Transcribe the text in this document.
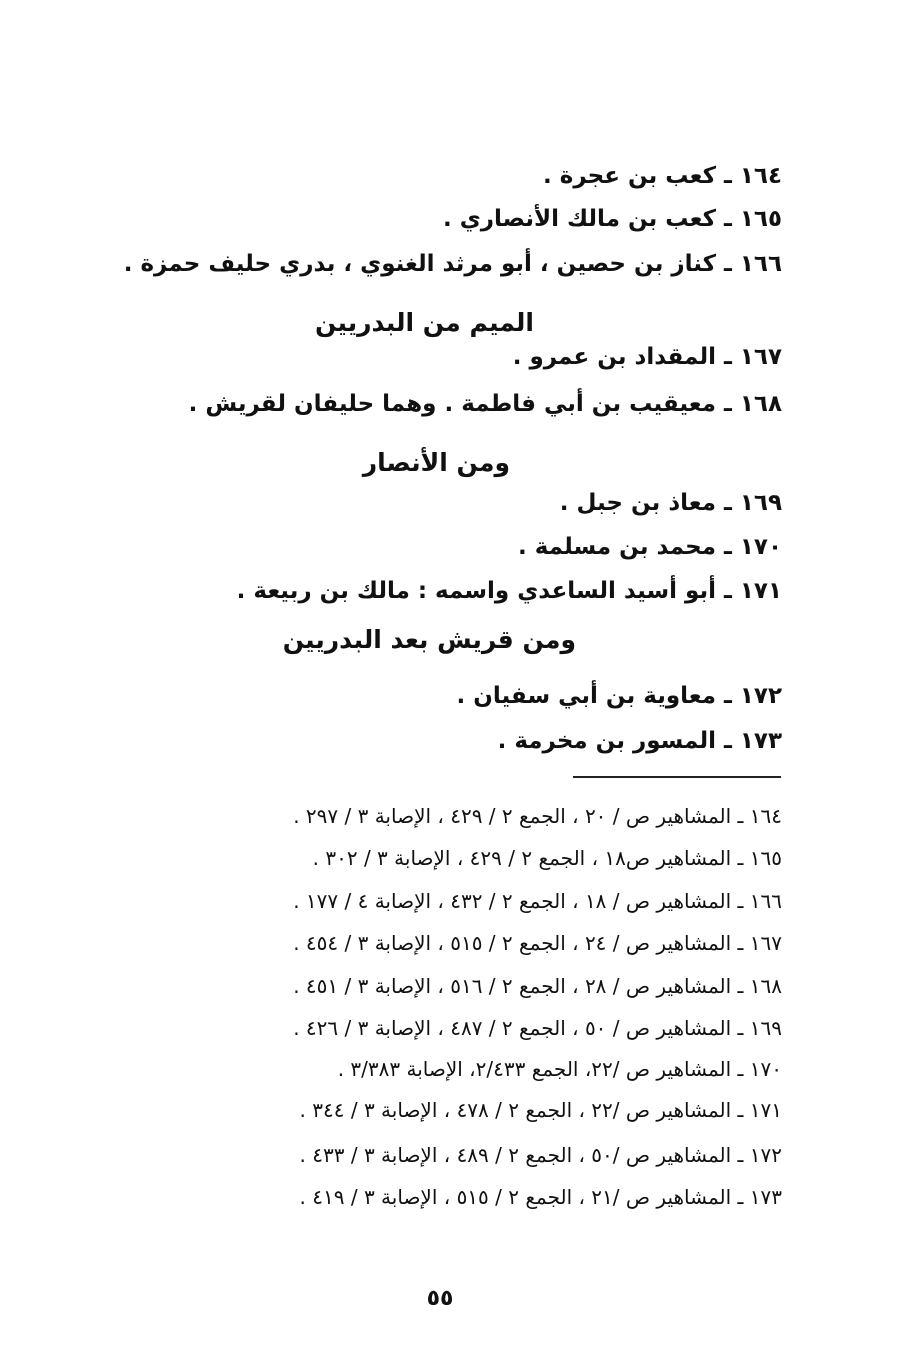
١٦٤ ـ كعب بن عجرة .
١٦٥ ـ كعب بن مالك الأنصاري .
١٦٦ ـ كناز بن حصين ، أبو مرثد الغنوي ، بدري حليف حمزة .
الميم من البدريين
١٦٧ ـ المقداد بن عمرو .
١٦٨ ـ معيقيب بن أبي فاطمة . وهما حليفان لقريش .
ومن الأنصار
١٦٩ ـ معاذ بن جبل .
١٧٠ ـ محمد بن مسلمة .
١٧١ ـ أبو أسيد الساعدي واسمه : مالك بن ربيعة .
ومن قريش بعد البدريين
١٧٢ ـ معاوية بن أبي سفيان .
١٧٣ ـ المسور بن مخرمة .
١٦٤ ـ المشاهير ص / ٢٠ ، الجمع ٢ / ٤٢٩ ، الإصابة ٣ / ٢٩٧ .
١٦٥ ـ المشاهير ص١٨ ، الجمع ٢ / ٤٢٩ ، الإصابة ٣ / ٣٠٢ .
١٦٦ ـ المشاهير ص / ١٨ ، الجمع ٢ / ٤٣٢ ، الإصابة ٤ / ١٧٧ .
١٦٧ ـ المشاهير ص / ٢٤ ، الجمع ٢ / ٥١٥ ، الإصابة ٣ / ٤٥٤ .
١٦٨ ـ المشاهير ص / ٢٨ ، الجمع ٢ / ٥١٦ ، الإصابة ٣ / ٤٥١ .
١٦٩ ـ المشاهير ص / ٥٠ ، الجمع ٢ / ٤٨٧ ، الإصابة ٣ / ٤٢٦ .
١٧٠ ـ المشاهير ص /٢٢، الجمع ٢/٤٣٣، الإصابة ٣/٣٨٣ .
١٧١ ـ المشاهير ص /٢٢ ، الجمع ٢ / ٤٧٨ ، الإصابة ٣ / ٣٤٤ .
١٧٢ ـ المشاهير ص /٥٠ ، الجمع ٢ / ٤٨٩ ، الإصابة ٣ / ٤٣٣ .
١٧٣ ـ المشاهير ص /٢١ ، الجمع ٢ / ٥١٥ ، الإصابة ٣ / ٤١٩ .
٥٥
